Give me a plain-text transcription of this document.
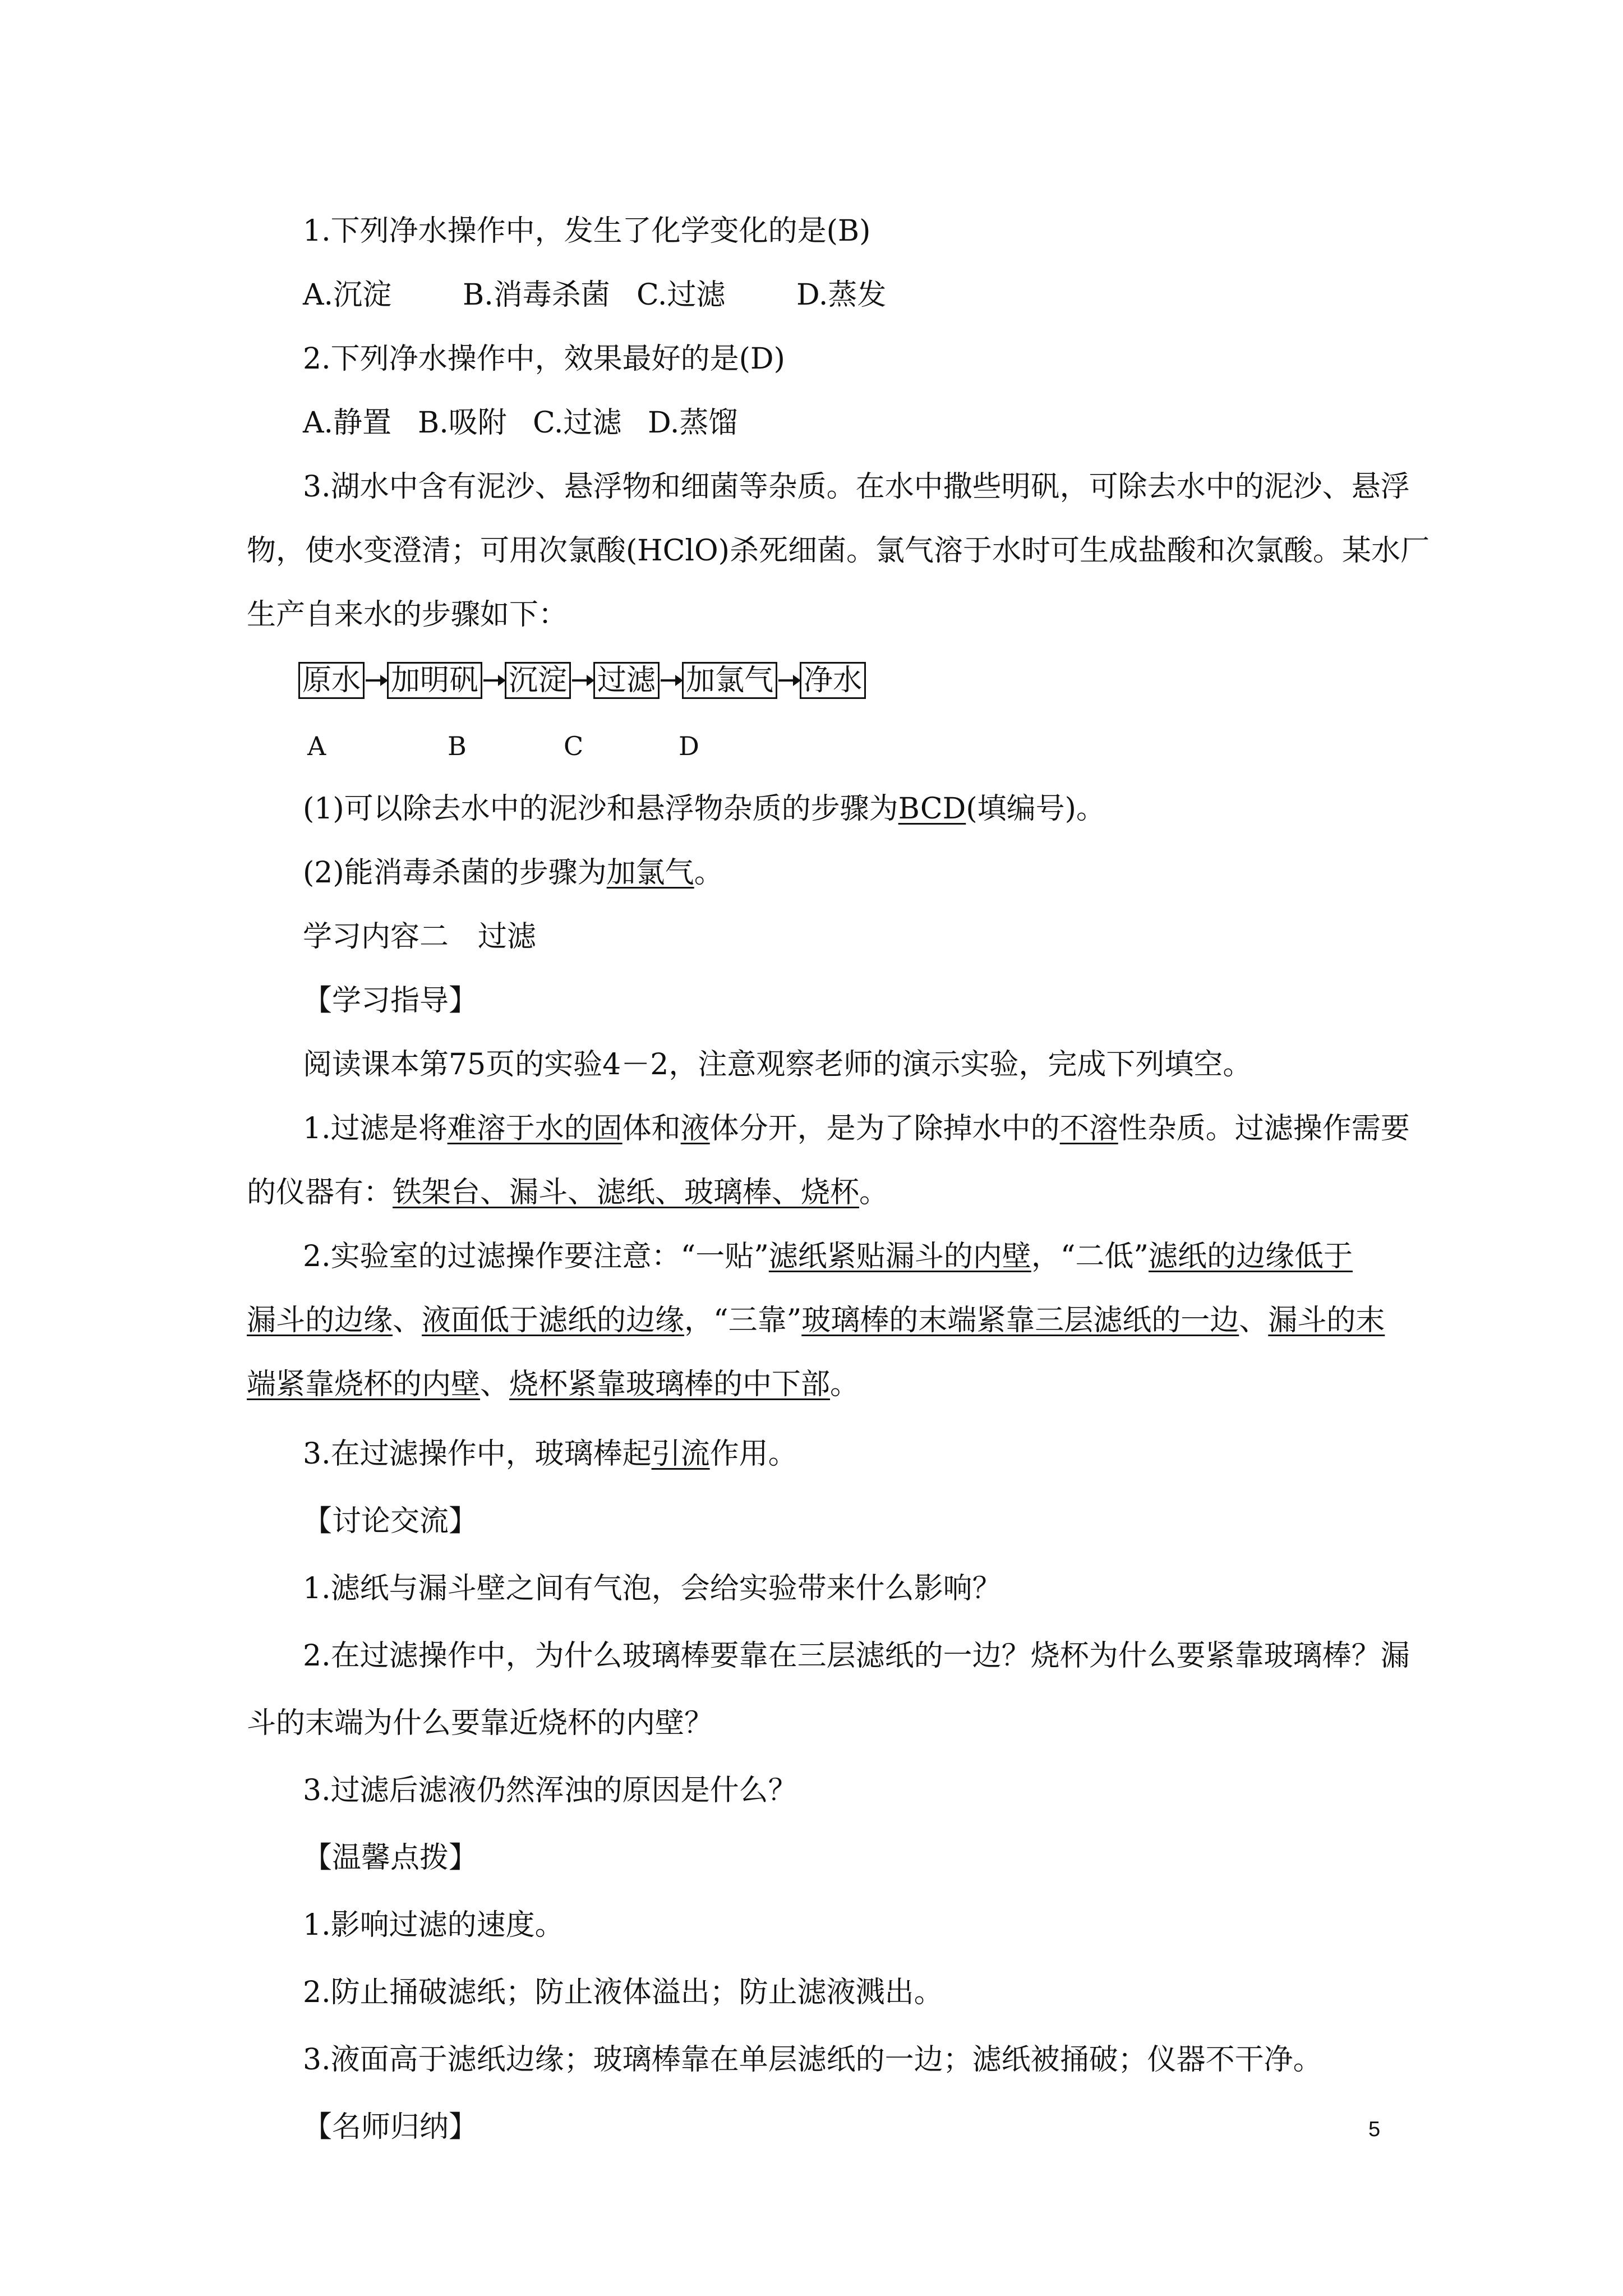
1.下列净水操作中，发生了化学变化的是(B)
A.沉淀 B.消毒杀菌 C.过滤 D.蒸发
2.下列净水操作中，效果最好的是(D)
A.静置 B.吸附 C.过滤 D.蒸馏
3.湖水中含有泥沙、悬浮物和细菌等杂质。在水中撒些明矾，可除去水中的泥沙、悬浮
物，使水变澄清；可用次氯酸(HClO)杀死细菌。氯气溶于水时可生成盐酸和次氯酸。某水厂
生产自来水的步骤如下：
原水 加明矾 沉淀 过滤 加氯气 净水
A	B	C	D
(1)可以除去水中的泥沙和悬浮物杂质的步骤为BCD(填编号)。
(2)能消毒杀菌的步骤为加氯气。
学习内容二　过滤
【学习指导】
阅读课本第75页的实验4－2，注意观察老师的演示实验，完成下列填空。
1.过滤是将难溶于水的固体和液体分开，是为了除掉水中的不溶性杂质。过滤操作需要
的仪器有：铁架台、漏斗、滤纸、玻璃棒、烧杯。
2.实验室的过滤操作要注意：“一贴”滤纸紧贴漏斗的内壁，“二低”滤纸的边缘低于
漏斗的边缘、液面低于滤纸的边缘，“三靠”玻璃棒的末端紧靠三层滤纸的一边、漏斗的末
端紧靠烧杯的内壁、烧杯紧靠玻璃棒的中下部。
3.在过滤操作中，玻璃棒起引流作用。
【讨论交流】
1.滤纸与漏斗壁之间有气泡，会给实验带来什么影响？
2.在过滤操作中，为什么玻璃棒要靠在三层滤纸的一边？烧杯为什么要紧靠玻璃棒？漏
斗的末端为什么要靠近烧杯的内壁？
3.过滤后滤液仍然浑浊的原因是什么？
【温馨点拨】
1.影响过滤的速度。
2.防止捅破滤纸；防止液体溢出；防止滤液溅出。
3.液面高于滤纸边缘；玻璃棒靠在单层滤纸的一边；滤纸被捅破；仪器不干净。
【名师归纳】	5
